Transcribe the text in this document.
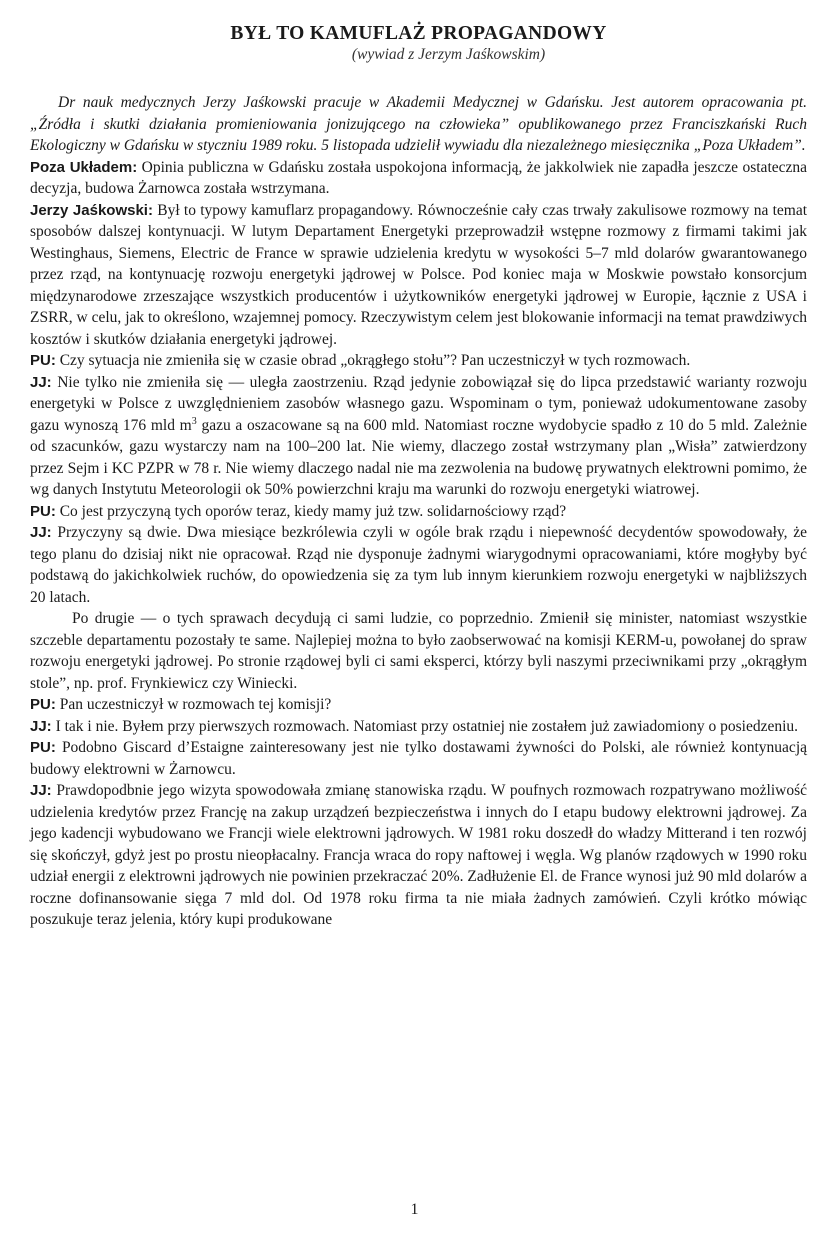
BYŁ TO KAMUFLAŻ PROPAGANDOWY

(wywiad z Jerzym Jaśkowskim)

Dr nauk medycznych Jerzy Jaśkowski pracuje w Akademii Medycznej w Gdańsku. Jest autorem opracowania pt. „Źródła i skutki działania promieniowania jonizującego na człowieka” opublikowanego przez Franciszkański Ruch Ekologiczny w Gdańsku w styczniu 1989 roku. 5 listopada udzielił wywiadu dla niezależnego miesięcznika „Poza Układem”.

Poza Układem: Opinia publiczna w Gdańsku została uspokojona informacją, że jakkolwiek nie zapadła jeszcze ostateczna decyzja, budowa Żarnowca została wstrzymana.

Jerzy Jaśkowski: Był to typowy kamuflarz propagandowy. Równocześnie cały czas trwały zakulisowe rozmowy na temat sposobów dalszej kontynuacji. W lutym Departament Energetyki przeprowadził wstępne rozmowy z firmami takimi jak Westinghaus, Siemens, Electric de France w sprawie udzielenia kredytu w wysokości 5–7 mld dolarów gwarantowanego przez rząd, na kontynuację rozwoju energetyki jądrowej w Polsce. Pod koniec maja w Moskwie powstało konsorcjum międzynarodowe zrzeszające wszystkich producentów i użytkowników energetyki jądrowej w Europie, łącznie z USA i ZSRR, w celu, jak to określono, wzajemnej pomocy. Rzeczywistym celem jest blokowanie informacji na temat prawdziwych kosztów i skutków działania energetyki jądrowej.

PU: Czy sytuacja nie zmieniła się w czasie obrad „okrągłego stołu”? Pan uczestniczył w tych rozmowach.

JJ: Nie tylko nie zmieniła się — uległa zaostrzeniu. Rząd jedynie zobowiązał się do lipca przedstawić warianty rozwoju energetyki w Polsce z uwzględnieniem zasobów własnego gazu. Wspominam o tym, ponieważ udokumentowane zasoby gazu wynoszą 176 mld $m^3$ gazu a oszacowane są na 600 mld. Natomiast roczne wydobycie spadło z 10 do 5 mld. Zależnie od szacunków, gazu wystarczy nam na 100–200 lat. Nie wiemy, dlaczego został wstrzymany plan „Wisła” zatwierdzony przez Sejm i KC PZPR w 78 r. Nie wiemy dlaczego nadal nie ma zezwolenia na budowę prywatnych elektrowni pomimo, że wg danych Instytutu Meteorologii ok 50% powierzchni kraju ma warunki do rozwoju energetyki wiatrowej.

PU: Co jest przyczyną tych oporów teraz, kiedy mamy już tzw. solidarnościowy rząd?

JJ: Przyczyny są dwie. Dwa miesiące bezkrólewia czyli w ogóle brak rządu i niepewność decydentów spowodowały, że tego planu do dzisiaj nikt nie opracował. Rząd nie dysponuje żadnymi wiarygodnymi opracowaniami, które mogłyby być podstawą do jakichkolwiek ruchów, do opowiedzenia się za tym lub innym kierunkiem rozwoju energetyki w najbliższych 20 latach.

Po drugie — o tych sprawach decydują ci sami ludzie, co poprzednio. Zmienił się minister, natomiast wszystkie szczeble departamentu pozostały te same. Najlepiej można to było zaobserwować na komisji KERM-u, powołanej do spraw rozwoju energetyki jądrowej. Po stronie rządowej byli ci sami eksperci, którzy byli naszymi przeciwnikami przy „okrągłym stole”, np. prof. Frynkiewicz czy Winiecki.

PU: Pan uczestniczył w rozmowach tej komisji?

JJ: I tak i nie. Byłem przy pierwszych rozmowach. Natomiast przy ostatniej nie zostałem już zawiadomiony o posiedzeniu.

PU: Podobno Giscard d’Estaigne zainteresowany jest nie tylko dostawami żywności do Polski, ale również kontynuacją budowy elektrowni w Żarnowcu.

JJ: Prawdopodbnie jego wizyta spowodowała zmianę stanowiska rządu. W poufnych rozmowach rozpatrywano możliwość udzielenia kredytów przez Francję na zakup urządzeń bezpieczeństwa i innych do I etapu budowy elektrowni jądrowej. Za jego kadencji wybudowano we Francji wiele elektrowni jądrowych. W 1981 roku doszedł do władzy Mitterand i ten rozwój się skończył, gdyż jest po prostu nieopłacalny. Francja wraca do ropy naftowej i węgla. Wg planów rządowych w 1990 roku udział energii z elektrowni jądrowych nie powinien przekraczać 20%. Zadłużenie El. de France wynosi już 90 mld dolarów a roczne dofinansowanie sięga 7 mld dol. Od 1978 roku firma ta nie miała żadnych zamówień. Czyli krótko mówiąc poszukuje teraz jelenia, który kupi produkowane

1
